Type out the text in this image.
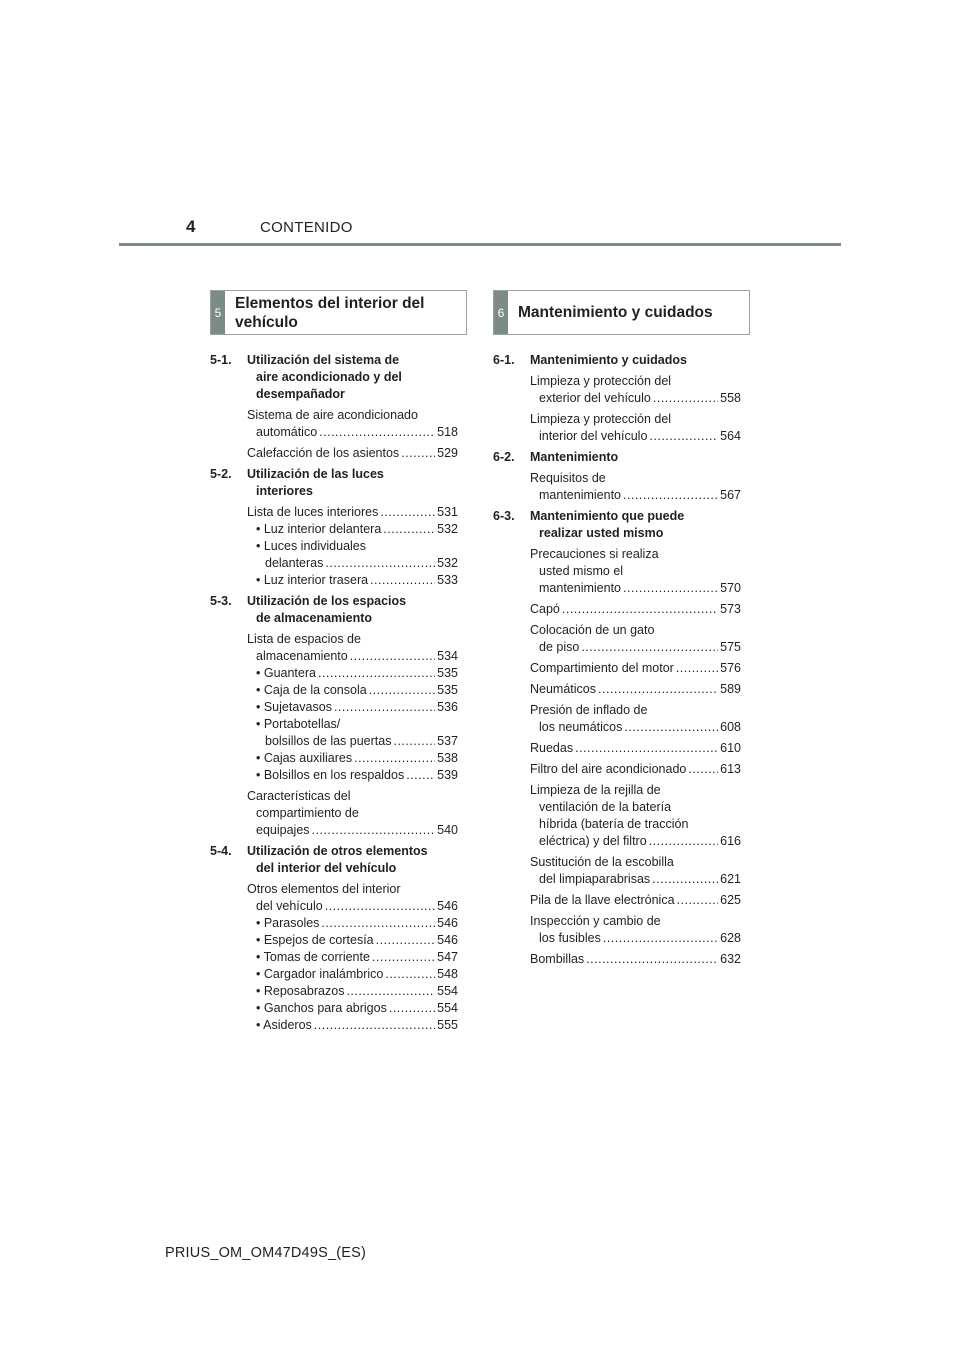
4	CONTENIDO
5
Elementos del interior del vehículo
6 Mantenimiento y cuidados
5-1.	Utilización del sistema de
aire acondicionado y del
desempañador
Sistema de aire acondicionado
automático .....	518
Calefacción de los asientos .....	529
5-2.	Utilización de las luces
interiores
Lista de luces interiores .....	531
• Luz interior delantera .....	532
• Luces individuales
delanteras .....	532
• Luz interior trasera .....	533
5-3.	Utilización de los espacios
de almacenamiento
Lista de espacios de
almacenamiento .....	534
• Guantera .....	535
• Caja de la consola .....	535
• Sujetavasos .....	536
• Portabotellas/
bolsillos de las puertas .....	537
• Cajas auxiliares .....	538
• Bolsillos en los respaldos .....	539
Características del
compartimiento de
equipajes .....	540
5-4.	Utilización de otros elementos
del interior del vehículo
Otros elementos del interior
del vehículo .....	546
• Parasoles .....	546
• Espejos de cortesía .....	546
• Tomas de corriente .....	547
• Cargador inalámbrico .....	548
• Reposabrazos .....	554
• Ganchos para abrigos .....	554
• Asideros .....	555
6-1.	Mantenimiento y cuidados
Limpieza y protección del
exterior del vehículo .....	558
Limpieza y protección del
interior del vehículo .....	564
6-2.	Mantenimiento
Requisitos de
mantenimiento .....	567
6-3.	Mantenimiento que puede
realizar usted mismo
Precauciones si realiza
usted mismo el
mantenimiento .....	570
Capó .....	573
Colocación de un gato
de piso .....	575
Compartimiento del motor .....	576
Neumáticos .....	589
Presión de inflado de
los neumáticos .....	608
Ruedas .....	610
Filtro del aire acondicionado .....	613
Limpieza de la rejilla de
ventilación de la batería
híbrida (batería de tracción
eléctrica) y del filtro .....	616
Sustitución de la escobilla
del limpiaparabrisas .....	621
Pila de la llave electrónica .....	625
Inspección y cambio de
los fusibles .....	628
Bombillas .....	632
PRIUS_OM_OM47D49S_(ES)
